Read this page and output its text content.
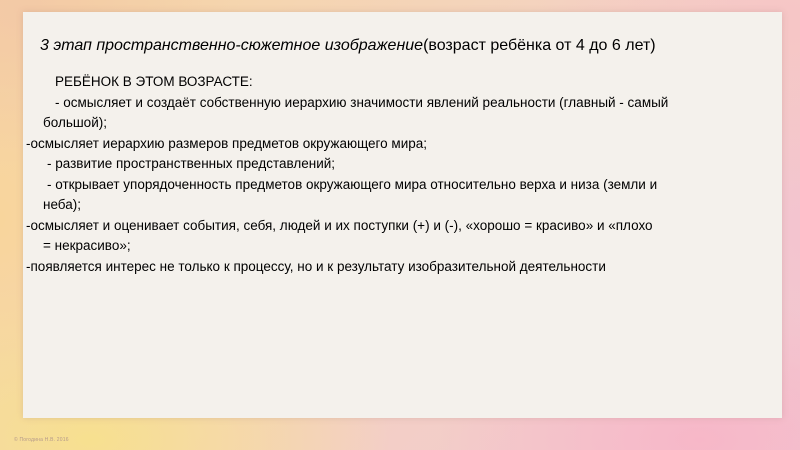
3 этап пространственно-сюжетное изображение(возраст ребёнка от 4 до 6 лет)
РЕБЁНОК В ЭТОМ ВОЗРАСТЕ:
- осмысляет и создаёт собственную иерархию значимости явлений реальности (главный - самый
большой);
-осмысляет иерархию размеров предметов окружающего мира;
- развитие пространственных представлений;
- открывает упорядоченность предметов окружающего мира относительно верха и низа (земли и
неба);
-осмысляет и оценивает события, себя, людей и их поступки (+) и (-), «хорошо = красиво» и «плохо
= некрасиво»;
-появляется интерес не только к процессу, но и к результату изобразительной деятельности
© Погодина Н.В. 2016
